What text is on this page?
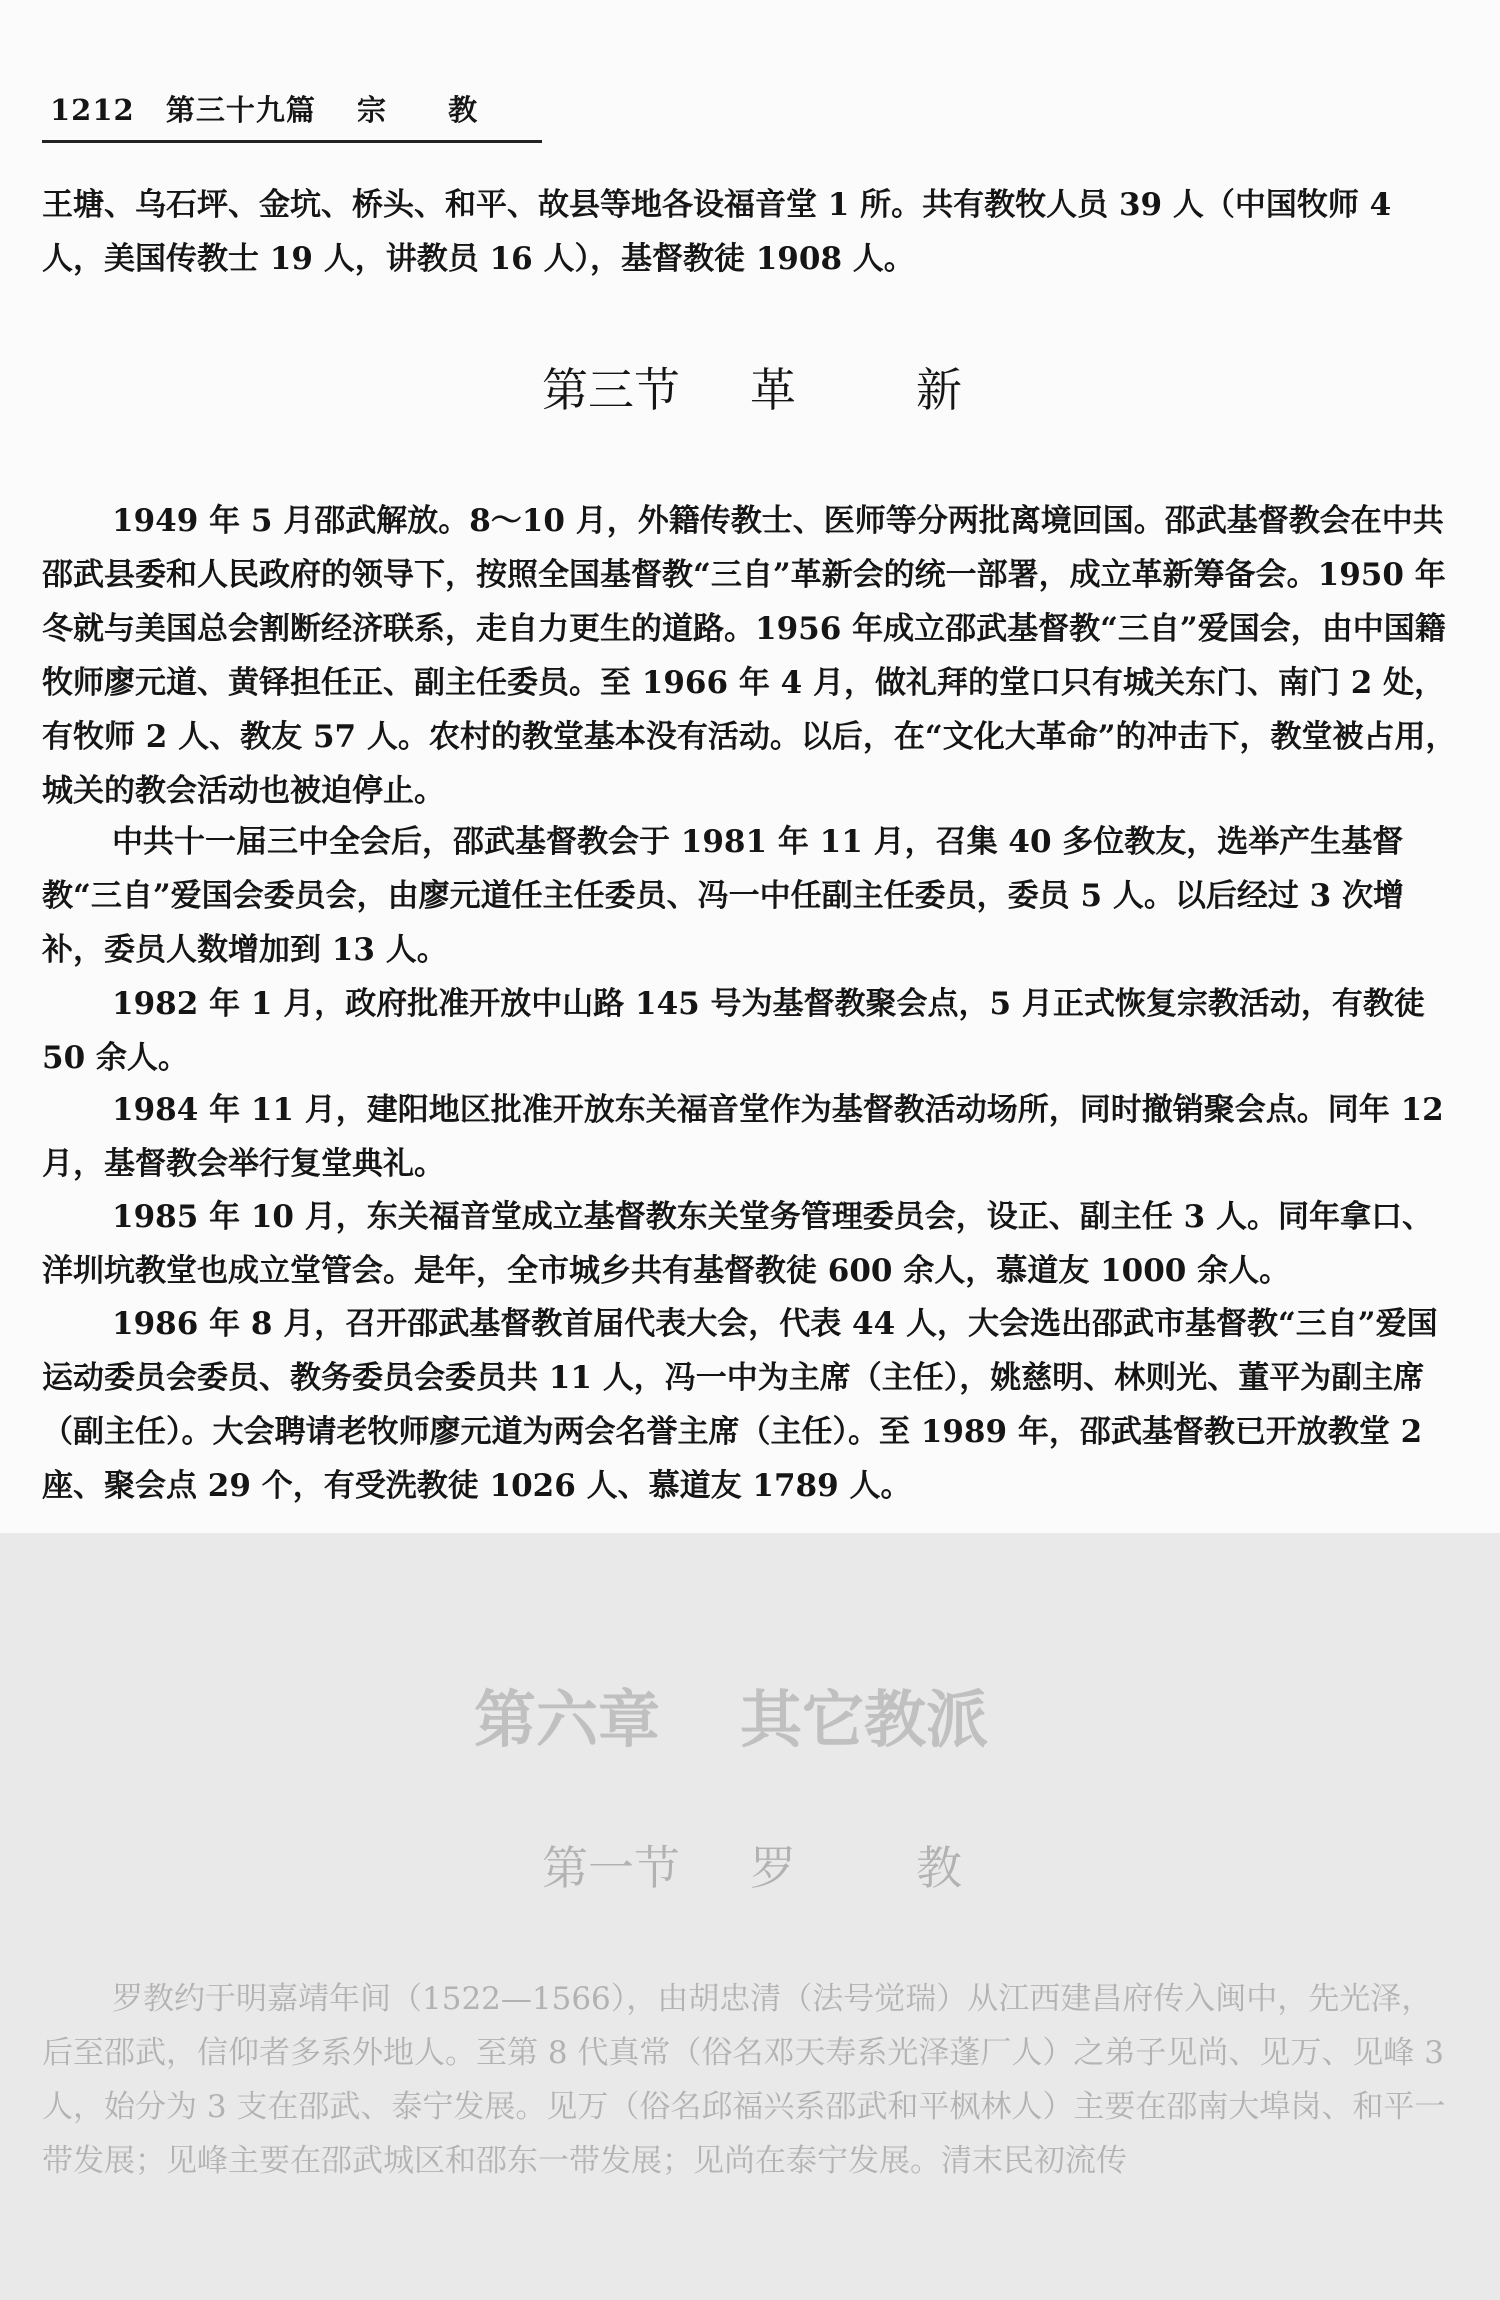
1212 第三十九篇 宗 教

王塘、乌石坪、金坑、桥头、和平、故县等地各设福音堂 1 所。共有教牧人员 39 人（中国牧师 4 人，美国传教士 19 人，讲教员 16 人），基督教徒 1908 人。

第三节 革	新

1949 年 5 月邵武解放。8～10 月，外籍传教士、医师等分两批离境回国。邵武基督教会在中共邵武县委和人民政府的领导下，按照全国基督教“三自”革新会的统一部署，成立革新筹备会。1950 年冬就与美国总会割断经济联系，走自力更生的道路。1956 年成立邵武基督教“三自”爱国会，由中国籍牧师廖元道、黄铎担任正、副主任委员。至 1966 年 4 月，做礼拜的堂口只有城关东门、南门 2 处，有牧师 2 人、教友 57 人。农村的教堂基本没有活动。以后，在“文化大革命”的冲击下，教堂被占用，城关的教会活动也被迫停止。

中共十一届三中全会后，邵武基督教会于 1981 年 11 月，召集 40 多位教友，选举产生基督教“三自”爱国会委员会，由廖元道任主任委员、冯一中任副主任委员，委员 5 人。以后经过 3 次增补，委员人数增加到 13 人。

1982 年 1 月，政府批准开放中山路 145 号为基督教聚会点，5 月正式恢复宗教活动，有教徒 50 余人。

1984 年 11 月，建阳地区批准开放东关福音堂作为基督教活动场所，同时撤销聚会点。同年 12 月，基督教会举行复堂典礼。

1985 年 10 月，东关福音堂成立基督教东关堂务管理委员会，设正、副主任 3 人。同年拿口、洋圳坑教堂也成立堂管会。是年，全市城乡共有基督教徒 600 余人，慕道友 1000 余人。

1986 年 8 月，召开邵武基督教首届代表大会，代表 44 人，大会选出邵武市基督教“三自”爱国运动委员会委员、教务委员会委员共 11 人，冯一中为主席（主任），姚慈明、林则光、董平为副主席（副主任）。大会聘请老牧师廖元道为两会名誉主席（主任）。至 1989 年，邵武基督教已开放教堂 2 座、聚会点 29 个，有受洗教徒 1026 人、慕道友 1789 人。

第六章 其它教派
第一节 罗	教

罗教约于明嘉靖年间（1522—1566），由胡忠清（法号觉瑞）从江西建昌府传入闽中，先光泽，后至邵武，信仰者多系外地人。至第 8 代真常（俗名邓天寿系光泽蓬厂人）之弟子见尚、见万、见峰 3 人，始分为 3 支在邵武、泰宁发展。见万（俗名邱福兴系邵武和平枫林人）主要在邵南大埠岗、和平一带发展；见峰主要在邵武城区和邵东一带发展；见尚在泰宁发展。清末民初流传
